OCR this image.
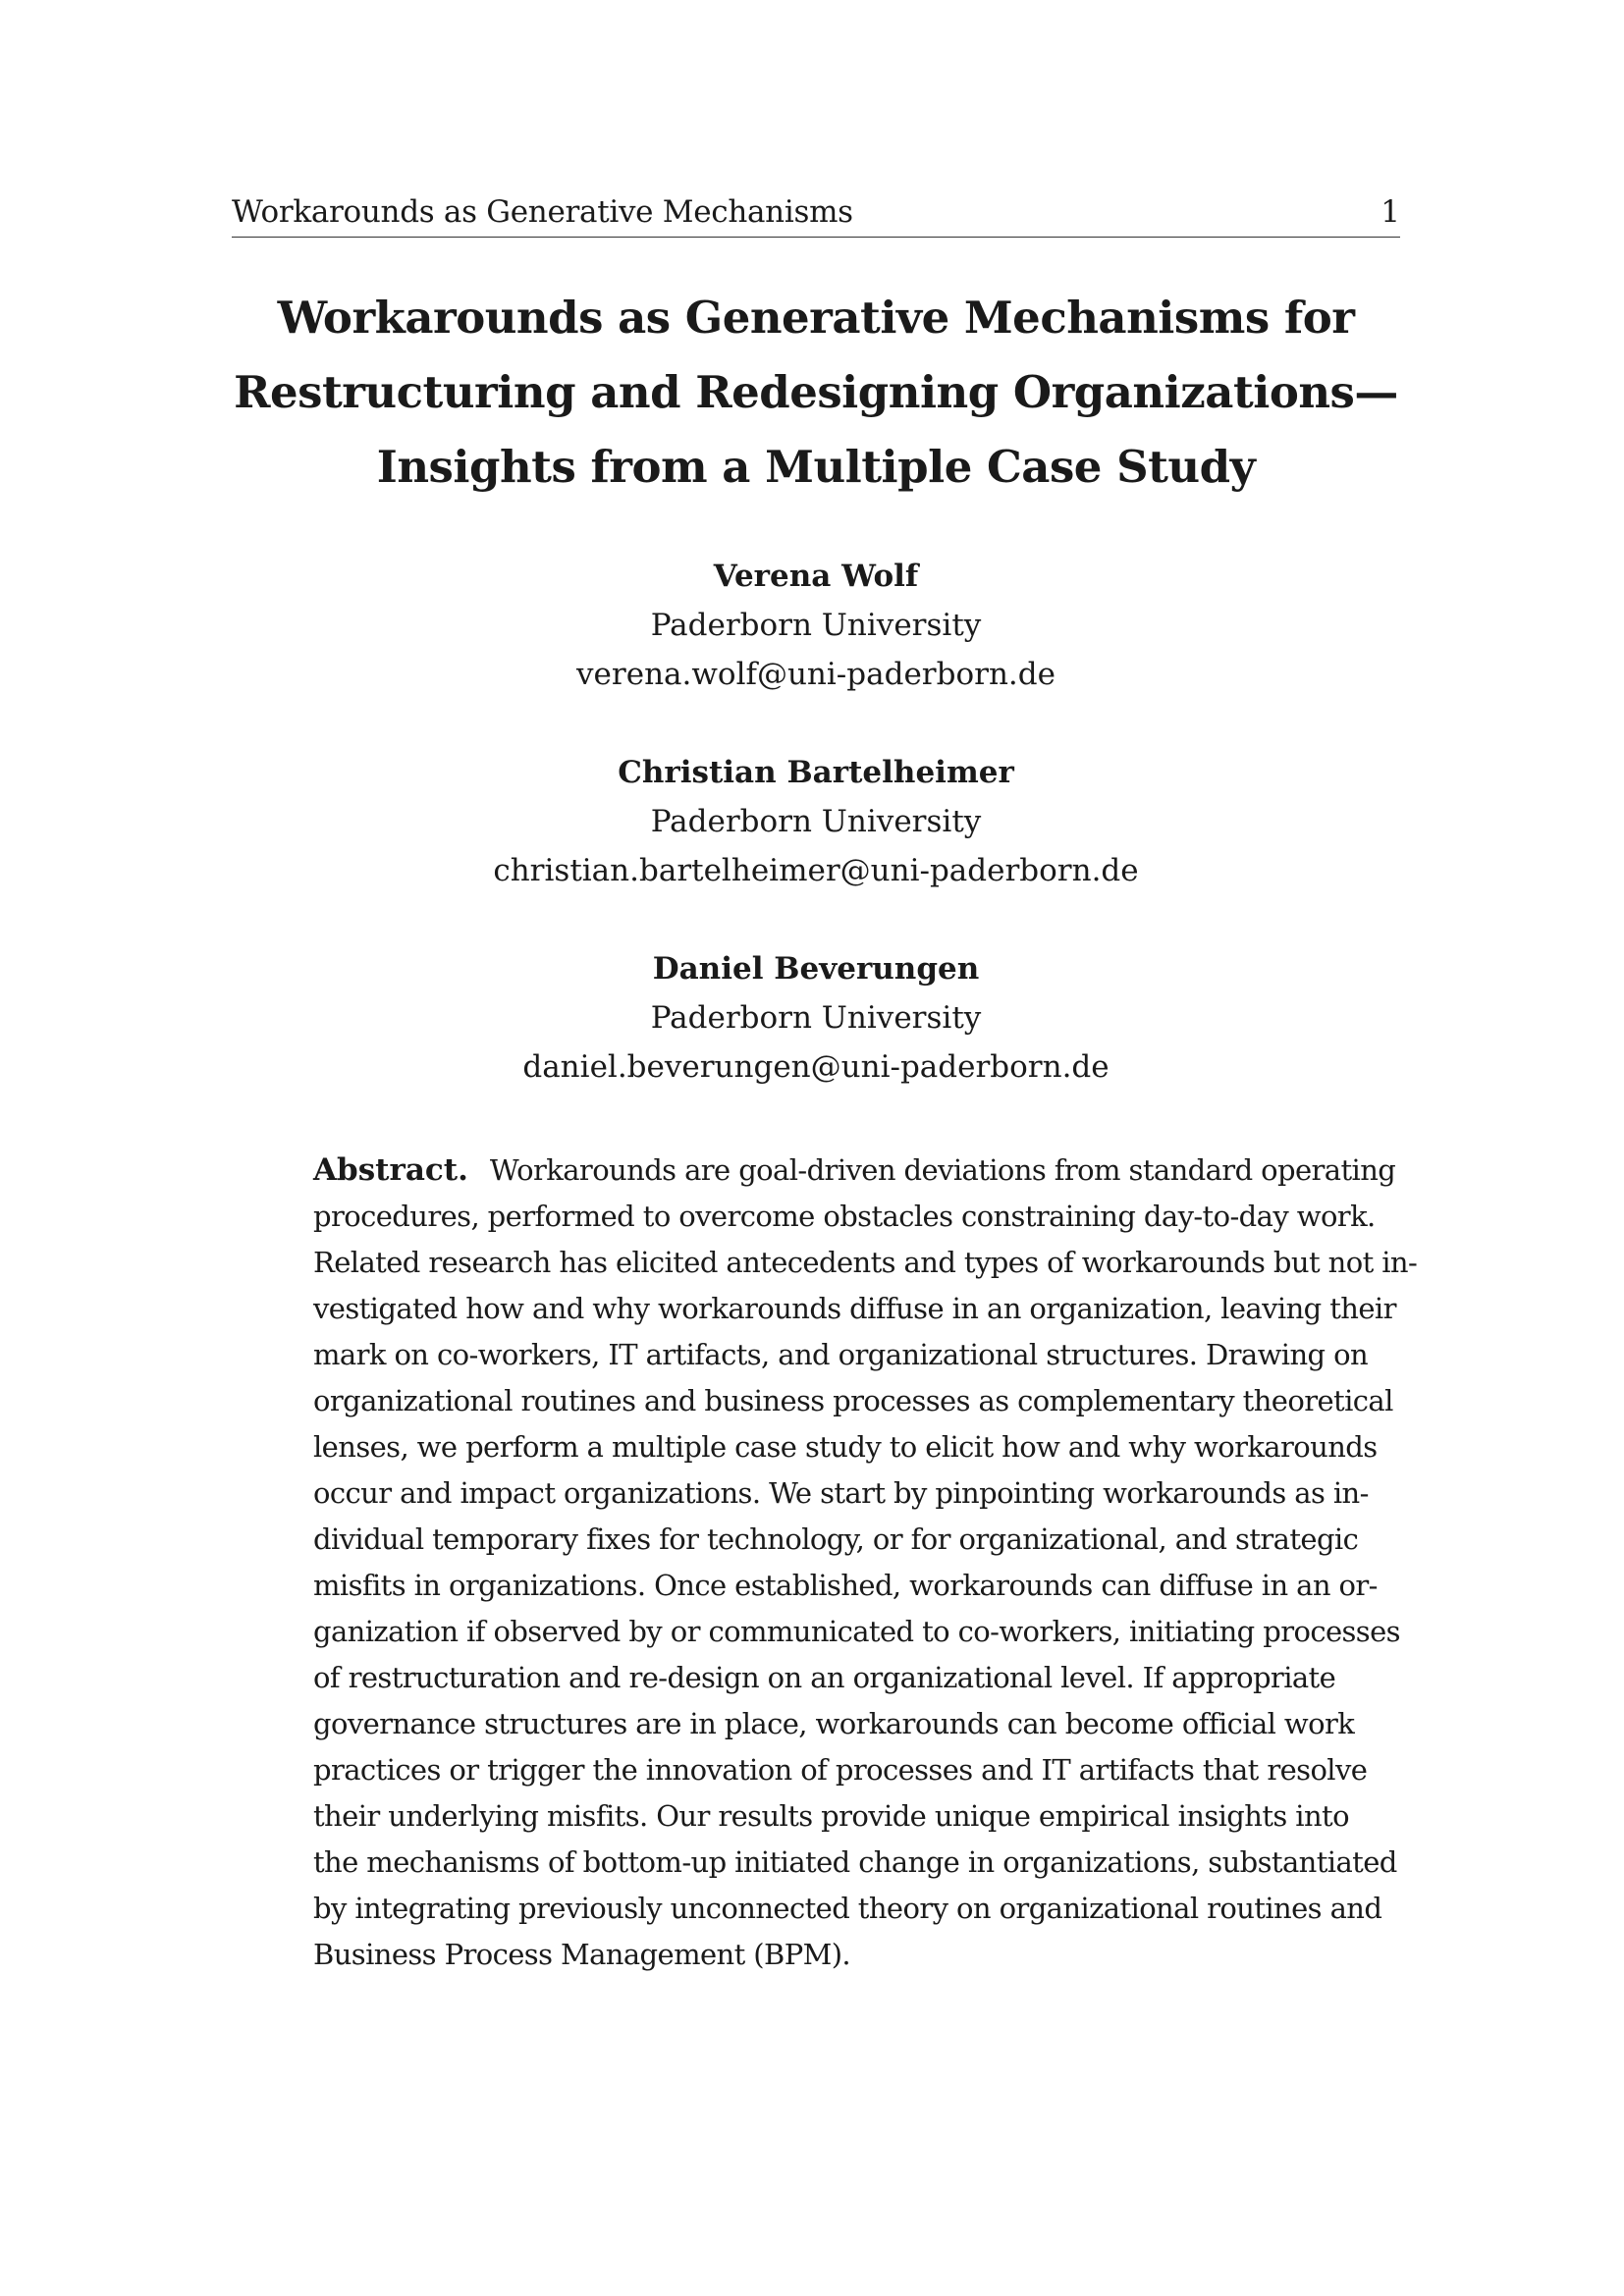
Workarounds as Generative Mechanisms	1
Workarounds as Generative Mechanisms for
Restructuring and Redesigning Organizations—
Insights from a Multiple Case Study
Verena Wolf
Paderborn University
verena.wolf@uni-paderborn.de
Christian Bartelheimer
Paderborn University
christian.bartelheimer@uni-paderborn.de
Daniel Beverungen
Paderborn University
daniel.beverungen@uni-paderborn.de
Abstract. Workarounds are goal-driven deviations from standard operating
procedures, performed to overcome obstacles constraining day-to-day work.
Related research has elicited antecedents and types of workarounds but not in-
vestigated how and why workarounds diffuse in an organization, leaving their
mark on co-workers, IT artifacts, and organizational structures. Drawing on
organizational routines and business processes as complementary theoretical
lenses, we perform a multiple case study to elicit how and why workarounds
occur and impact organizations. We start by pinpointing workarounds as in-
dividual temporary fixes for technology, or for organizational, and strategic
misfits in organizations. Once established, workarounds can diffuse in an or-
ganization if observed by or communicated to co-workers, initiating processes
of restructuration and re-design on an organizational level. If appropriate
governance structures are in place, workarounds can become official work
practices or trigger the innovation of processes and IT artifacts that resolve
their underlying misfits. Our results provide unique empirical insights into
the mechanisms of bottom-up initiated change in organizations, substantiated
by integrating previously unconnected theory on organizational routines and
Business Process Management (BPM).
